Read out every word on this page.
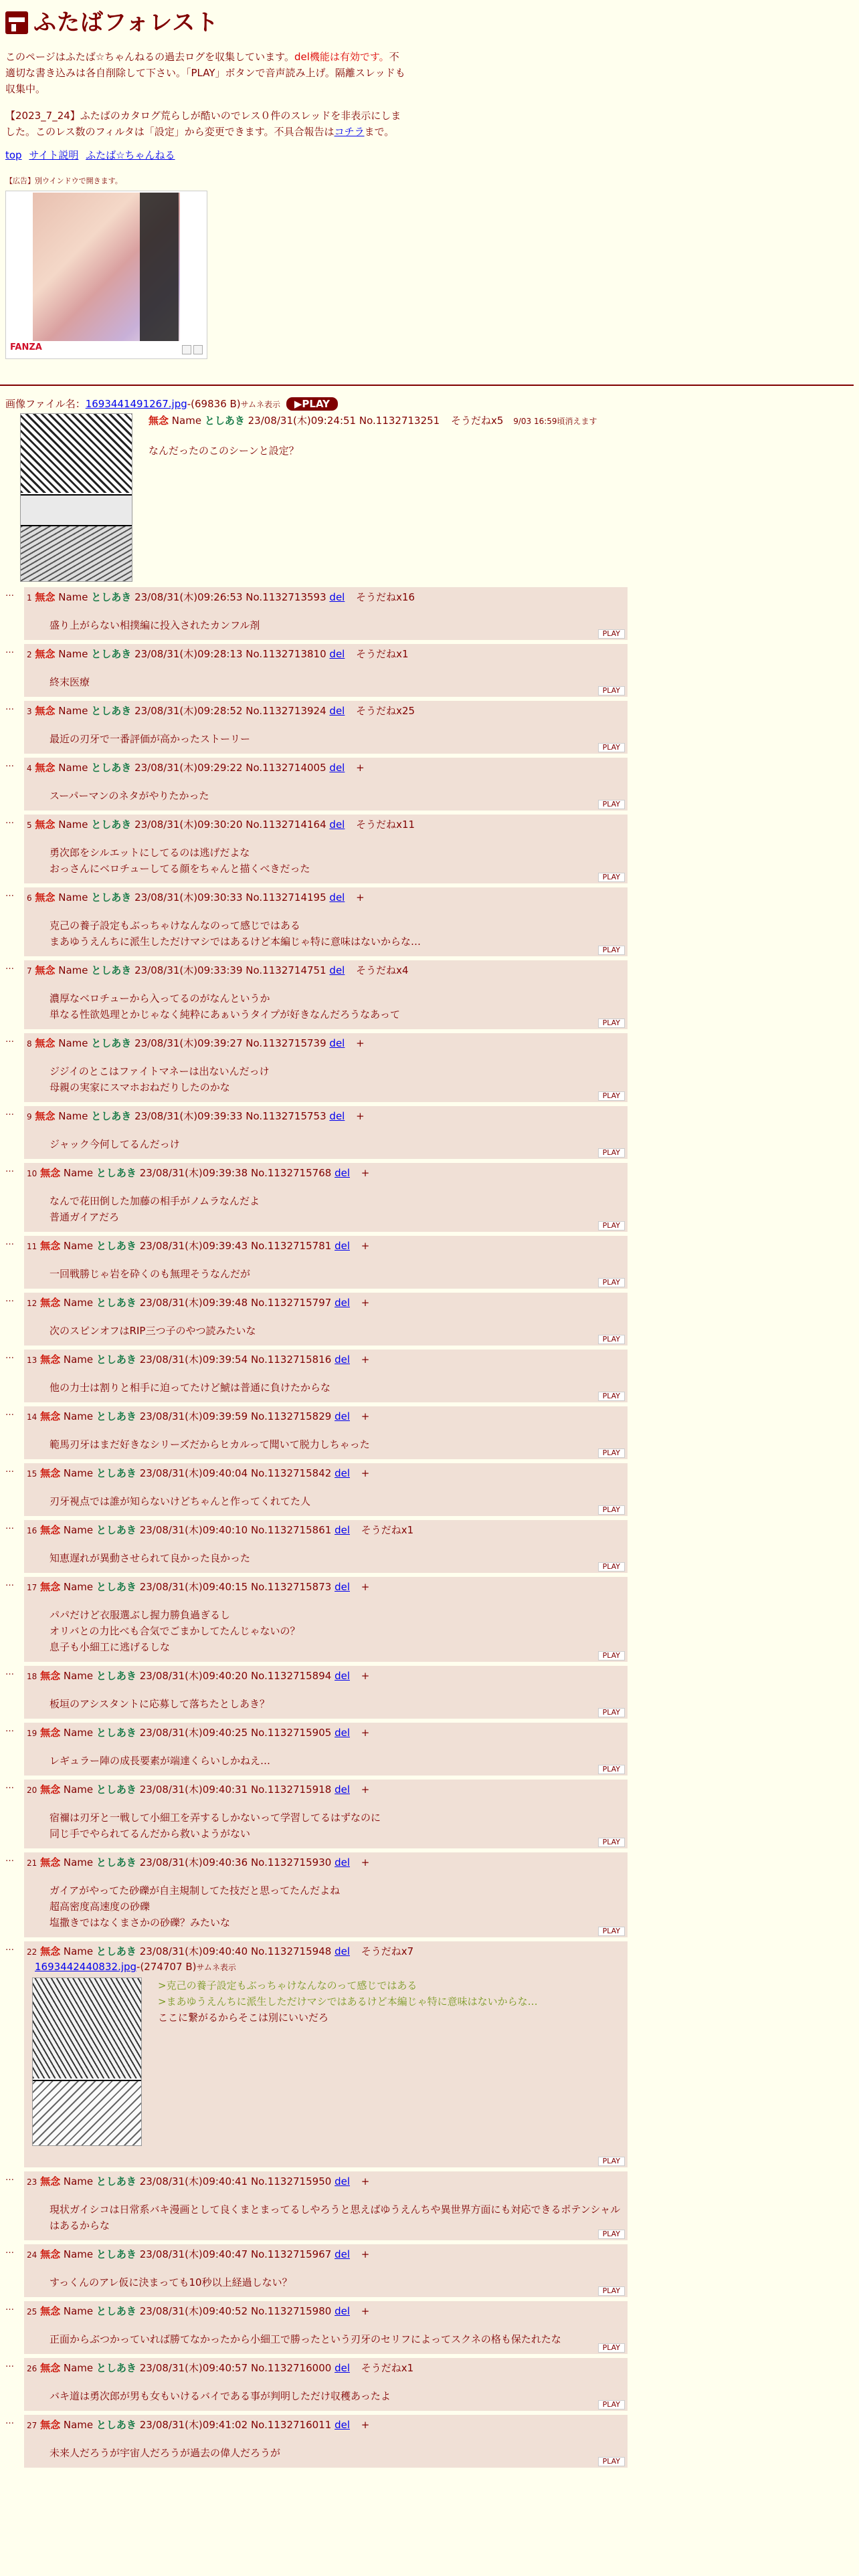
ふたばフォレスト

このページはふたば☆ちゃんねるの過去ログを収集しています。del機能は有効です。不適切な書き込みは各自削除して下さい。「PLAY」ボタンで音声読み上げ。隔離スレッドも収集中。

【2023_7_24】ふたばのカタログ荒らしが酷いのでレス０件のスレッドを非表示にしました。このレス数のフィルタは「設定」から変更できます。不具合報告はコチラまで。

top サイト説明 ふたば☆ちゃんねる
【広告】別ウインドウで開きます。
FANZA
画像ファイル名：1693441491267.jpg-(69836 B)サムネ表示 ▶PLAY
無念 Name としあき 23/08/31(木)09:24:51 No.1132713251 そうだねx5 9/03 16:59頃消えます
なんだったのこのシーンと設定？
…	1 無念 Name としあき 23/08/31(木)09:26:53 No.1132713593 del そうだねx16
盛り上がらない相撲編に投入されたカンフル剤
PLAY
…	2 無念 Name としあき 23/08/31(木)09:28:13 No.1132713810 del そうだねx1
終末医療
PLAY
…	3 無念 Name としあき 23/08/31(木)09:28:52 No.1132713924 del そうだねx25
最近の刃牙で一番評価が高かったストーリー
PLAY
…	4 無念 Name としあき 23/08/31(木)09:29:22 No.1132714005 del +
スーパーマンのネタがやりたかった
PLAY
…	5 無念 Name としあき 23/08/31(木)09:30:20 No.1132714164 del そうだねx11
勇次郎をシルエットにしてるのは逃げだよな
おっさんにベロチューしてる顔をちゃんと描くべきだった
PLAY
…	6 無念 Name としあき 23/08/31(木)09:30:33 No.1132714195 del +
克己の養子設定もぶっちゃけなんなのって感じではある
まあゆうえんちに派生しただけマシではあるけど本編じゃ特に意味はないからな…
PLAY
…	7 無念 Name としあき 23/08/31(木)09:33:39 No.1132714751 del そうだねx4
濃厚なベロチューから入ってるのがなんというか
単なる性欲処理とかじゃなく純粋にあぁいうタイプが好きなんだろうなあって
PLAY
…	8 無念 Name としあき 23/08/31(木)09:39:27 No.1132715739 del +
ジジイのとこはファイトマネーは出ないんだっけ
母親の実家にスマホおねだりしたのかな
PLAY
…	9 無念 Name としあき 23/08/31(木)09:39:33 No.1132715753 del +
ジャック今何してるんだっけ
PLAY
…	10 無念 Name としあき 23/08/31(木)09:39:38 No.1132715768 del +
なんで花田倒した加藤の相手がノムラなんだよ
普通ガイアだろ
PLAY
…	11 無念 Name としあき 23/08/31(木)09:39:43 No.1132715781 del +
一回戦勝じゃ岩を砕くのも無理そうなんだが
PLAY
…	12 無念 Name としあき 23/08/31(木)09:39:48 No.1132715797 del +
次のスピンオフはRIP三つ子のやつ読みたいな
PLAY
…	13 無念 Name としあき 23/08/31(木)09:39:54 No.1132715816 del +
他の力士は割りと相手に迫ってたけど鯱は普通に負けたからな
PLAY
…	14 無念 Name としあき 23/08/31(木)09:39:59 No.1132715829 del +
範馬刃牙はまだ好きなシリーズだからヒカルって聞いて脱力しちゃった
PLAY
…	15 無念 Name としあき 23/08/31(木)09:40:04 No.1132715842 del +
刃牙視点では誰が知らないけどちゃんと作ってくれてた人
PLAY
…	16 無念 Name としあき 23/08/31(木)09:40:10 No.1132715861 del そうだねx1
知恵遅れが異動させられて良かった良かった
PLAY
…	17 無念 Name としあき 23/08/31(木)09:40:15 No.1132715873 del +
パパだけど衣服選ぶし握力勝負過ぎるし
オリバとの力比べも合気でごまかしてたんじゃないの？
息子も小細工に逃げるしな
PLAY
…	18 無念 Name としあき 23/08/31(木)09:40:20 No.1132715894 del +
板垣のアシスタントに応募して落ちたとしあき？
PLAY
…	19 無念 Name としあき 23/08/31(木)09:40:25 No.1132715905 del +
レギュラー陣の成長要素が端達くらいしかねえ…
PLAY
…	20 無念 Name としあき 23/08/31(木)09:40:31 No.1132715918 del +
宿禰は刃牙と一戦して小細工を弄するしかないって学習してるはずなのに
同じ手でやられてるんだから救いようがない
PLAY
…	21 無念 Name としあき 23/08/31(木)09:40:36 No.1132715930 del +
ガイアがやってた砂礫が自主規制してた技だと思ってたんだよね
超高密度高速度の砂礫
塩撒きではなくまさかの砂礫？みたいな
PLAY
…	22 無念 Name としあき 23/08/31(木)09:40:40 No.1132715948 del そうだねx7
1693442440832.jpg-(274707 B)サムネ表示
>克己の養子設定もぶっちゃけなんなのって感じではある
>まあゆうえんちに派生しただけマシではあるけど本編じゃ特に意味はないからな…
ここに繋がるからそこは別にいいだろ
PLAY
…	23 無念 Name としあき 23/08/31(木)09:40:41 No.1132715950 del +
現状ガイシコは日常系バキ漫画として良くまとまってるしやろうと思えばゆうえんちや異世界方面にも対応できるポテンシャルはあるからな
PLAY
…	24 無念 Name としあき 23/08/31(木)09:40:47 No.1132715967 del +
すっくんのアレ仮に決まっても10秒以上経過しない？
PLAY
…	25 無念 Name としあき 23/08/31(木)09:40:52 No.1132715980 del +
正面からぶつかっていれば勝てなかったから小細工で勝ったという刃牙のセリフによってスクネの格も保たれたな
PLAY
…	26 無念 Name としあき 23/08/31(木)09:40:57 No.1132716000 del そうだねx1
バキ道は勇次郎が男も女もいけるバイである事が判明しただけ収穫あったよ
PLAY
…	27 無念 Name としあき 23/08/31(木)09:41:02 No.1132716011 del +
未来人だろうが宇宙人だろうが過去の偉人だろうが
PLAY
